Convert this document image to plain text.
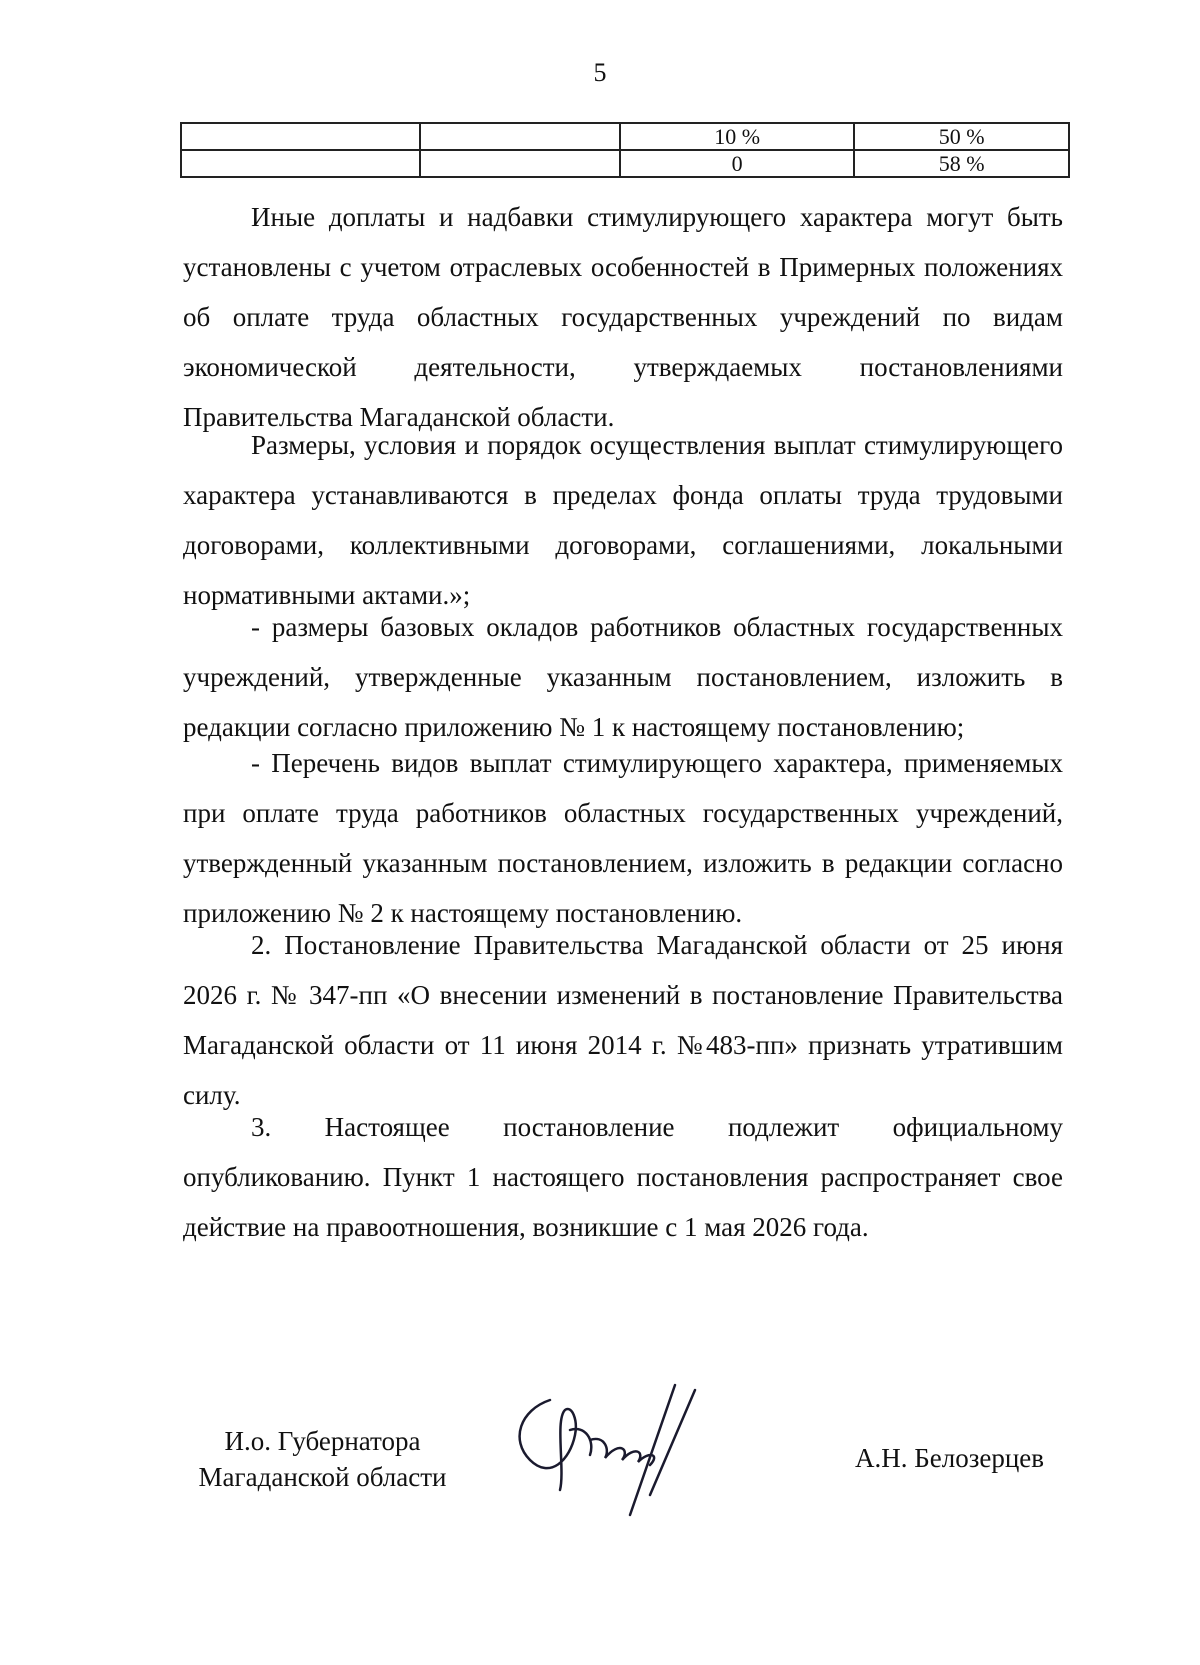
5
		10 %	50 %
		0	58 %

Иные доплаты и надбавки стимулирующего характера могут быть установлены с учетом отраслевых особенностей в Примерных положениях об оплате труда областных государственных учреждений по видам экономической деятельности, утверждаемых постановлениями Правительства Магаданской области.

Размеры, условия и порядок осуществления выплат стимулирующего характера устанавливаются в пределах фонда оплаты труда трудовыми договорами, коллективными договорами, соглашениями, локальными нормативными актами.»;

- размеры базовых окладов работников областных государственных учреждений, утвержденные указанным постановлением, изложить в редакции согласно приложению № 1 к настоящему постановлению;

- Перечень видов выплат стимулирующего характера, применяемых при оплате труда работников областных государственных учреждений, утвержденный указанным постановлением, изложить в редакции согласно приложению № 2 к настоящему постановлению.

2. Постановление Правительства Магаданской области от 25 июня 2026 г. № 347-пп «О внесении изменений в постановление Правительства Магаданской области от 11 июня 2014 г. №483-пп» признать утратившим силу.

3. Настоящее постановление подлежит официальному опубликованию. Пункт 1 настоящего постановления распространяет свое действие на правоотношения, возникшие с 1 мая 2026 года.

И.о. Губернатора
Магаданской области
А.Н. Белозерцев
